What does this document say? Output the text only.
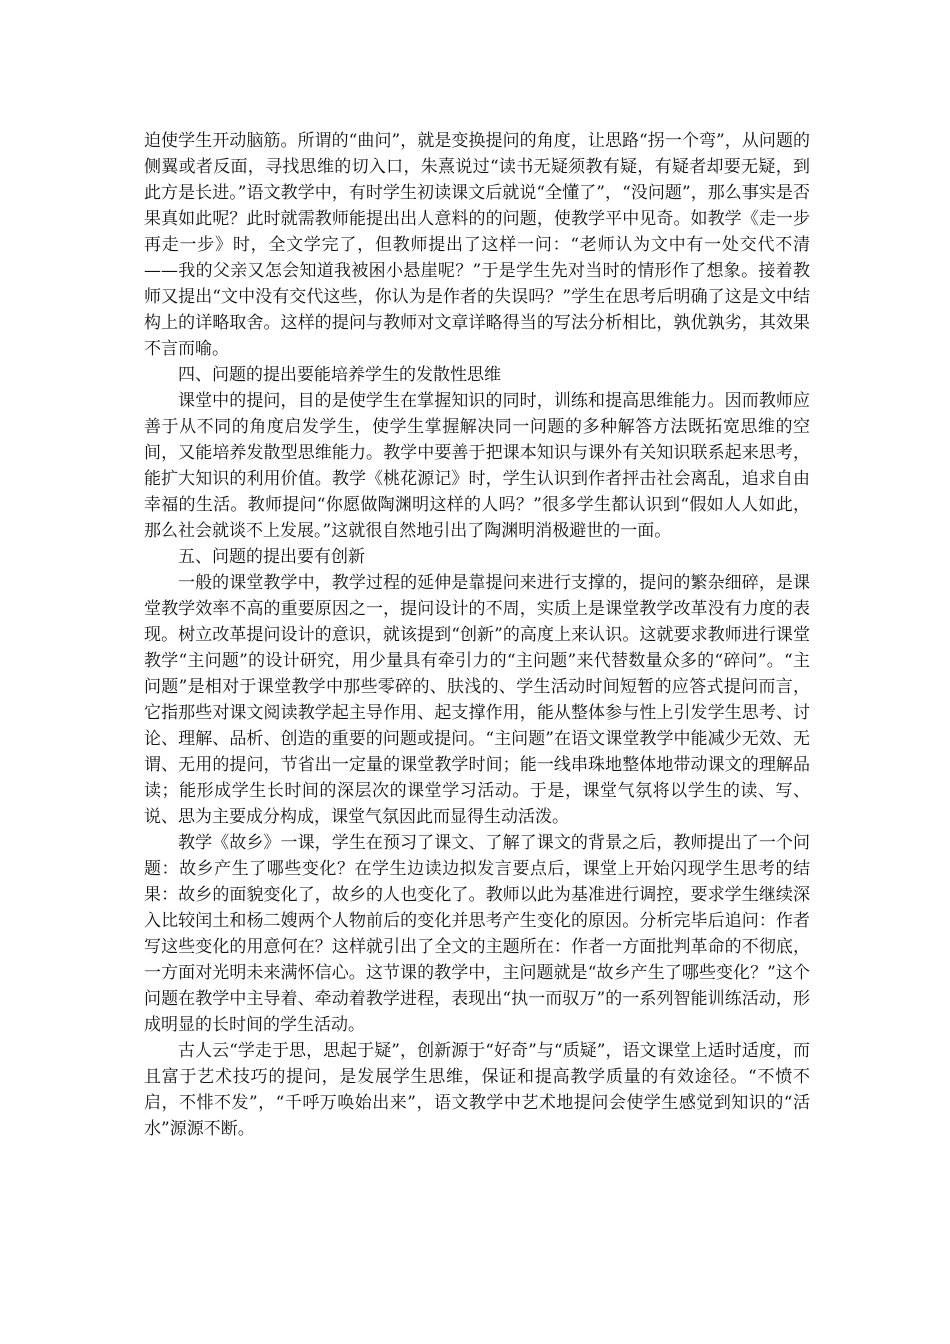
迫使学生开动脑筋。所谓的“曲问”，就是变换提问的角度，让思路“拐一个弯”，从问题的侧翼或者反面，寻找思维的切入口，朱熹说过“读书无疑须教有疑，有疑者却要无疑，到此方是长进。”语文教学中，有时学生初读课文后就说“全懂了”，“没问题”，那么事实是否果真如此呢？此时就需教师能提出出人意料的的问题，使教学平中见奇。如教学《走一步再走一步》时，全文学完了，但教师提出了这样一问：“老师认为文中有一处交代不清——我的父亲又怎会知道我被困小悬崖呢？”于是学生先对当时的情形作了想象。接着教师又提出“文中没有交代这些，你认为是作者的失误吗？”学生在思考后明确了这是文中结构上的详略取舍。这样的提问与教师对文章详略得当的写法分析相比，孰优孰劣，其效果不言而喻。

四、问题的提出要能培养学生的发散性思维

课堂中的提问，目的是使学生在掌握知识的同时，训练和提高思维能力。因而教师应善于从不同的角度启发学生，使学生掌握解决同一问题的多种解答方法既拓宽思维的空间，又能培养发散型思维能力。教学中要善于把课本知识与课外有关知识联系起来思考，能扩大知识的利用价值。教学《桃花源记》时，学生认识到作者抨击社会离乱，追求自由幸福的生活。教师提问“你愿做陶渊明这样的人吗？”很多学生都认识到“假如人人如此，那么社会就谈不上发展。”这就很自然地引出了陶渊明消极避世的一面。

五、问题的提出要有创新

一般的课堂教学中，教学过程的延伸是靠提问来进行支撑的，提问的繁杂细碎，是课堂教学效率不高的重要原因之一，提问设计的不周，实质上是课堂教学改革没有力度的表现。树立改革提问设计的意识，就该提到“创新”的高度上来认识。这就要求教师进行课堂教学“主问题”的设计研究，用少量具有牵引力的“主问题”来代替数量众多的“碎问”。“主问题”是相对于课堂教学中那些零碎的、肤浅的、学生活动时间短暂的应答式提问而言，它指那些对课文阅读教学起主导作用、起支撑作用，能从整体参与性上引发学生思考、讨论、理解、品析、创造的重要的问题或提问。“主问题”在语文课堂教学中能减少无效、无谓、无用的提问，节省出一定量的课堂教学时间；能一线串珠地整体地带动课文的理解品读；能形成学生长时间的深层次的课堂学习活动。于是，课堂气氛将以学生的读、写、说、思为主要成分构成，课堂气氛因此而显得生动活泼。

教学《故乡》一课，学生在预习了课文、了解了课文的背景之后，教师提出了一个问题：故乡产生了哪些变化？在学生边读边拟发言要点后，课堂上开始闪现学生思考的结果：故乡的面貌变化了，故乡的人也变化了。教师以此为基准进行调控，要求学生继续深入比较闰土和杨二嫂两个人物前后的变化并思考产生变化的原因。分析完毕后追问：作者写这些变化的用意何在？这样就引出了全文的主题所在：作者一方面批判革命的不彻底，一方面对光明未来满怀信心。这节课的教学中，主问题就是“故乡产生了哪些变化？”这个问题在教学中主导着、牵动着教学进程，表现出“执一而驭万”的一系列智能训练活动，形成明显的长时间的学生活动。

古人云“学走于思，思起于疑”，创新源于“好奇”与“质疑”，语文课堂上适时适度，而且富于艺术技巧的提问，是发展学生思维，保证和提高教学质量的有效途径。“不愤不启，不悱不发”，“千呼万唤始出来”，语文教学中艺术地提问会使学生感觉到知识的“活水”源源不断。
